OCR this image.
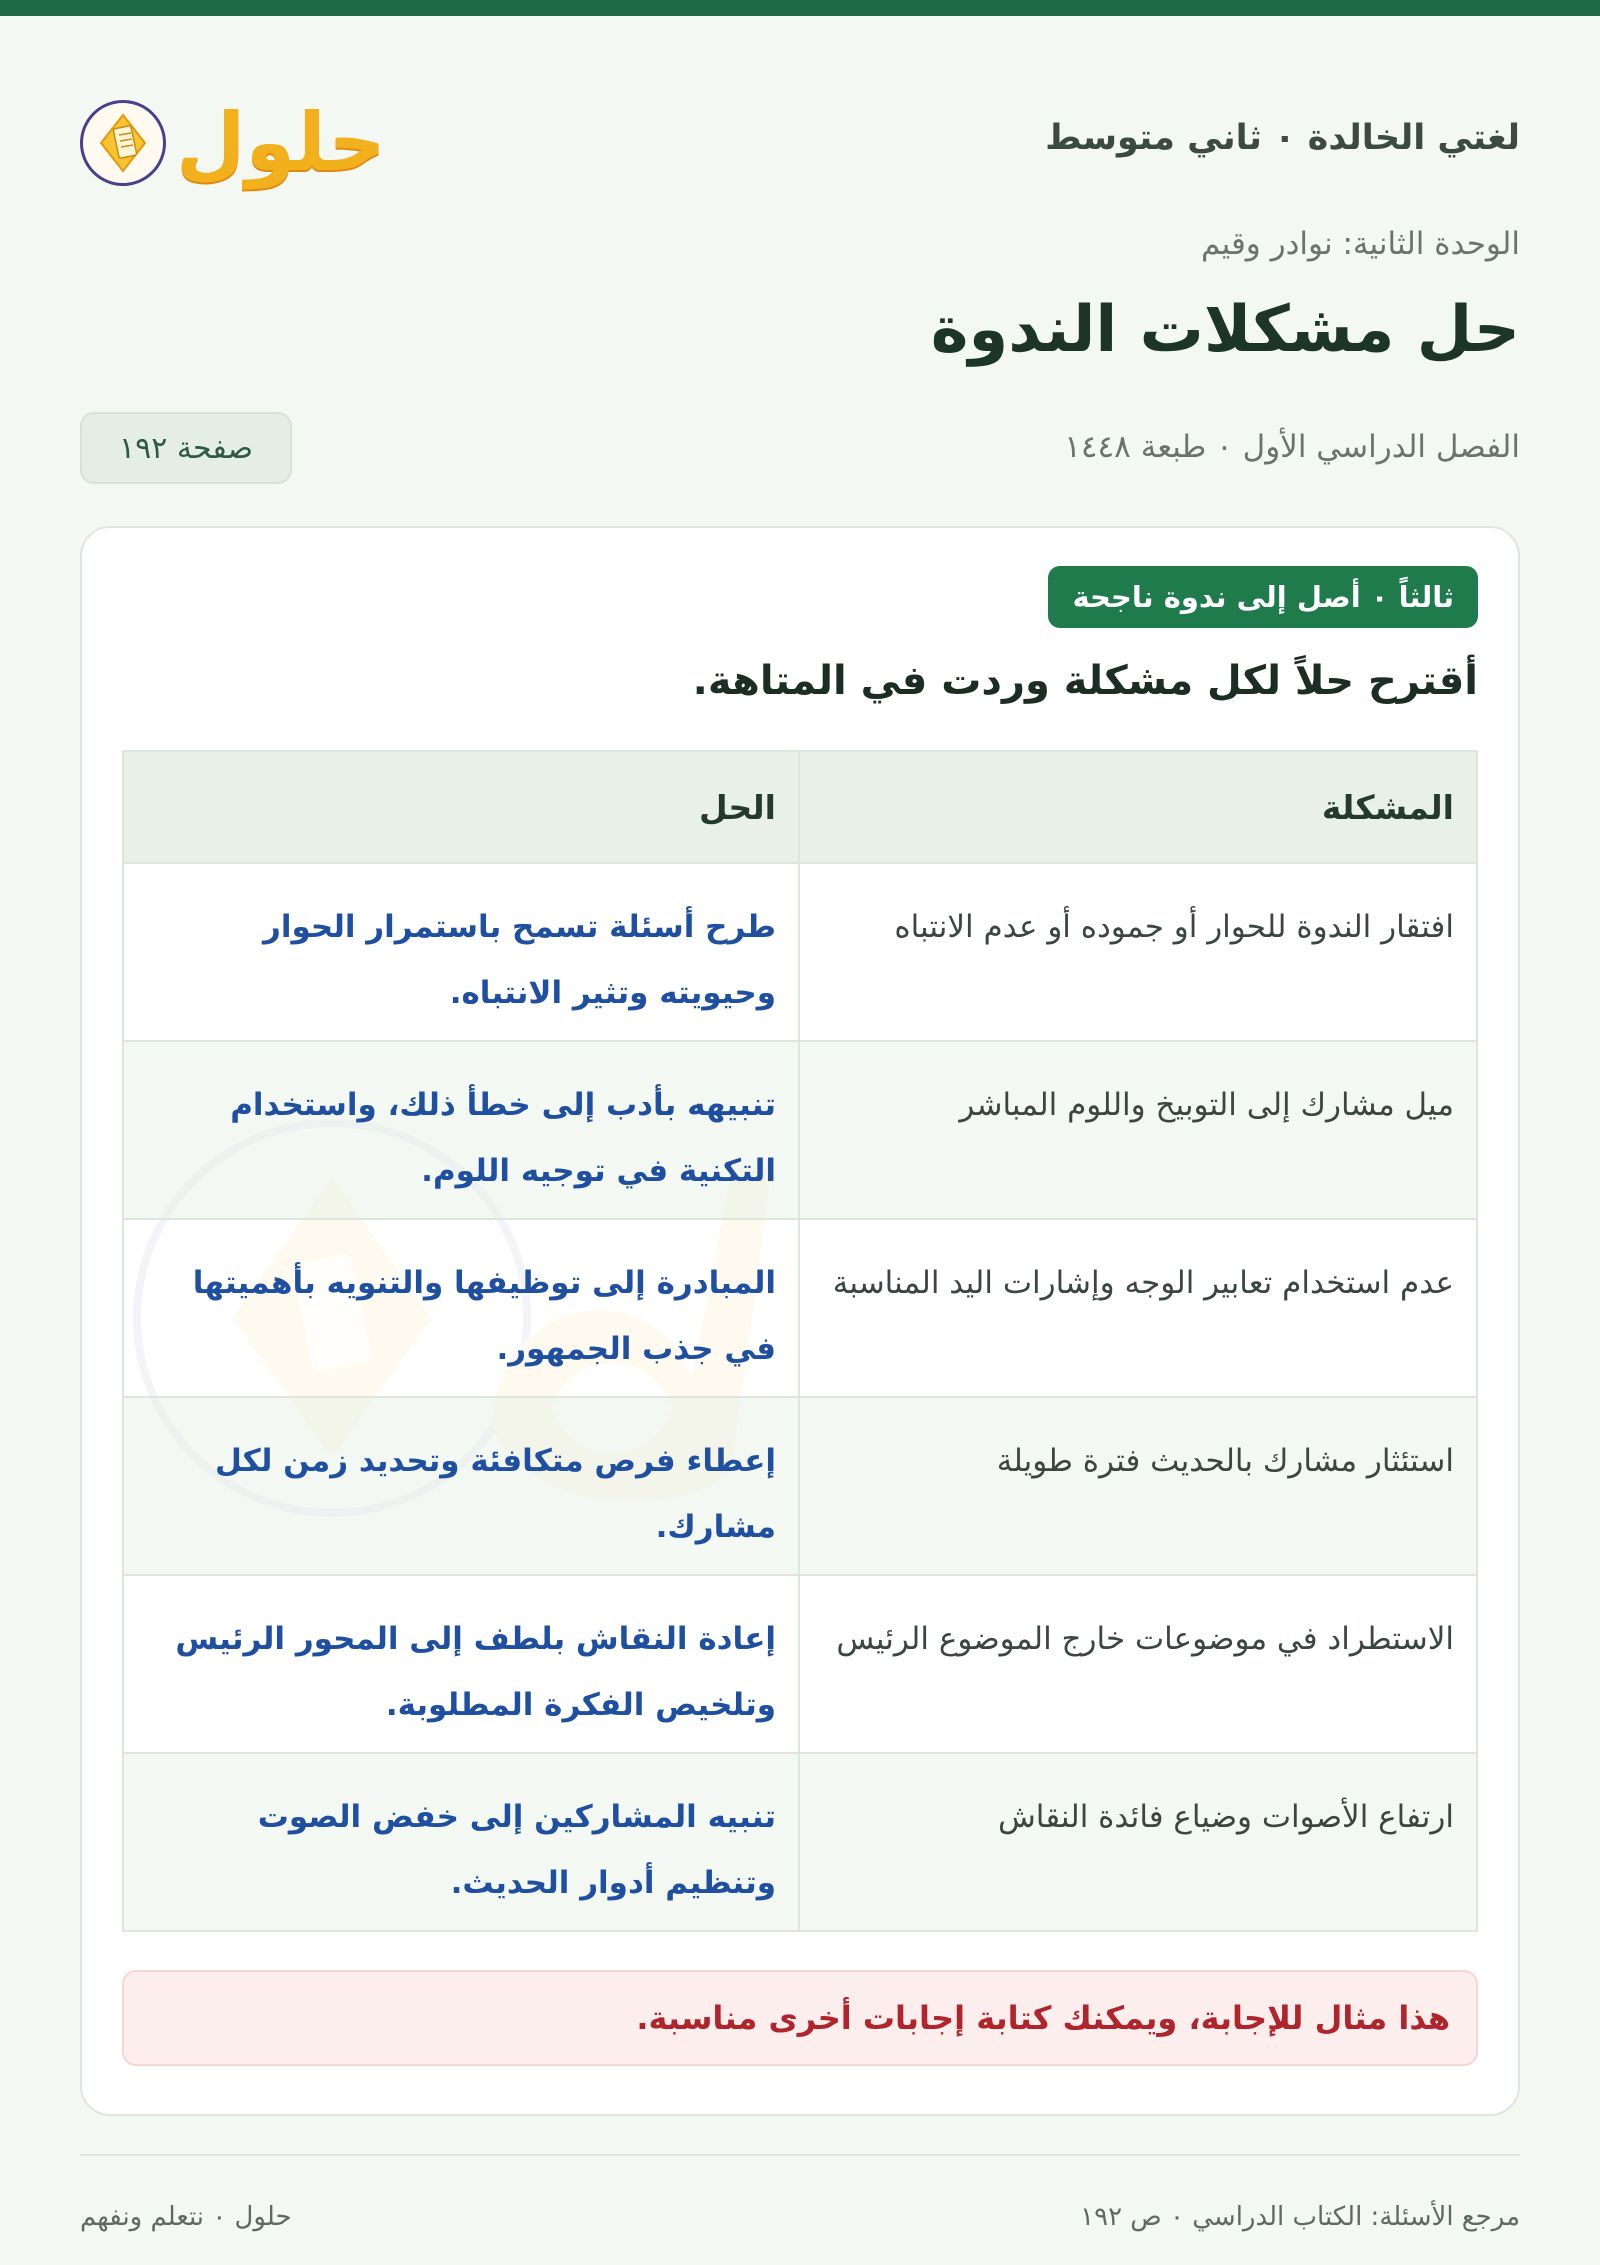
لغتي الخالدة ٠ ثاني متوسط
حلول
الوحدة الثانية: نوادر وقيم
حل مشكلات الندوة
الفصل الدراسي الأول ٠ طبعة ١٤٤٨
صفحة ١٩٢
ثالثاً ٠ أصل إلى ندوة ناجحة
أقترح حلاً لكل مشكلة وردت في المتاهة.
المشكلة	الحل
افتقار الندوة للحوار أو جموده أو عدم الانتباه	طرح أسئلة تسمح باستمرار الحوار وحيويته وتثير الانتباه.
ميل مشارك إلى التوبيخ واللوم المباشر	تنبيهه بأدب إلى خطأ ذلك، واستخدام التكنية في توجيه اللوم.
عدم استخدام تعابير الوجه وإشارات اليد المناسبة	المبادرة إلى توظيفها والتنويه بأهميتها في جذب الجمهور.
استئثار مشارك بالحديث فترة طويلة	إعطاء فرص متكافئة وتحديد زمن لكل مشارك.
الاستطراد في موضوعات خارج الموضوع الرئيس	إعادة النقاش بلطف إلى المحور الرئيس وتلخيص الفكرة المطلوبة.
ارتفاع الأصوات وضياع فائدة النقاش	تنبيه المشاركين إلى خفض الصوت وتنظيم أدوار الحديث.
هذا مثال للإجابة، ويمكنك كتابة إجابات أخرى مناسبة.
مرجع الأسئلة: الكتاب الدراسي ٠ ص ١٩٢
حلول ٠ نتعلم ونفهم
